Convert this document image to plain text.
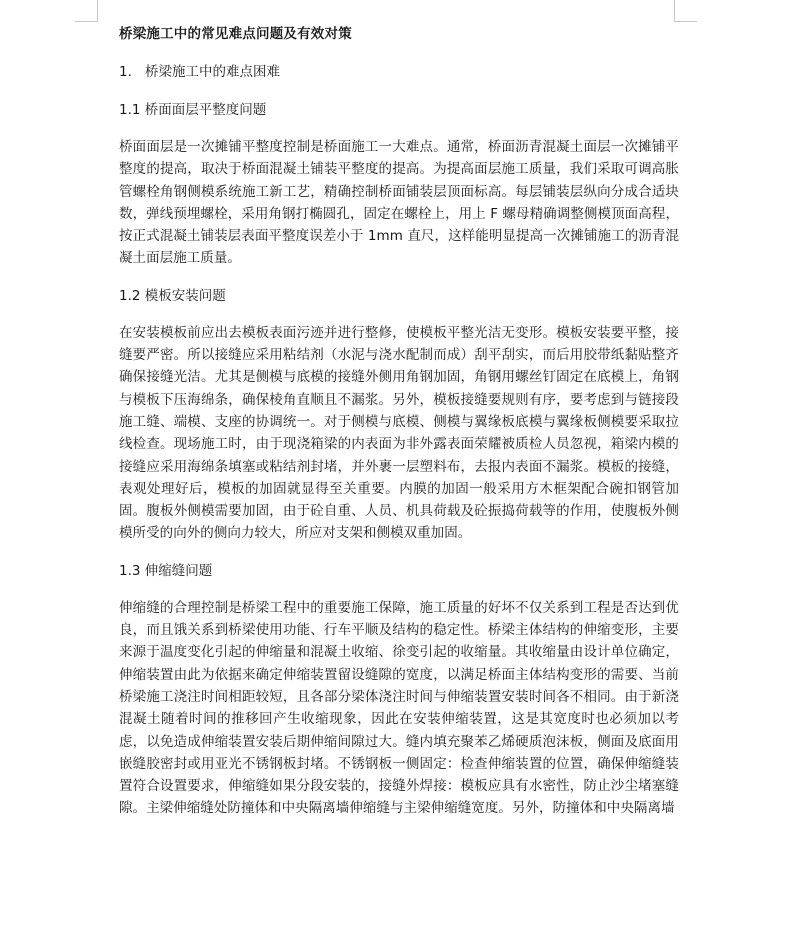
桥梁施工中的常见难点问题及有效对策
1. 桥梁施工中的难点困难
1.1 桥面面层平整度问题

桥面面层是一次摊铺平整度控制是桥面施工一大难点。通常，桥面沥青混凝土面层一次摊铺平整度的提高，取决于桥面混凝土铺装平整度的提高。为提高面层施工质量，我们采取可调高胀管螺栓角钢侧模系统施工新工艺，精确控制桥面铺装层顶面标高。每层铺装层纵向分成合适块数，弹线预埋螺栓，采用角钢打椭圆孔，固定在螺栓上，用上 F 螺母精确调整侧模顶面高程，按正式混凝土铺装层表面平整度误差小于 1mm 直尺，这样能明显提高一次摊铺施工的沥青混凝土面层施工质量。

1.2 模板安装问题

在安装模板前应出去模板表面污迹并进行整修，使模板平整光洁无变形。模板安装要平整，接缝要严密。所以接缝应采用粘结剂（水泥与浇水配制而成）刮平刮实，而后用胶带纸黏贴整齐确保接缝光洁。尤其是侧模与底模的接缝外侧用角钢加固，角钢用螺丝钉固定在底模上，角钢与模板下压海绵条，确保棱角直顺且不漏浆。另外，模板接缝要规则有序，要考虑到与链接段施工缝、端模、支座的协调统一。对于侧模与底模、侧模与翼缘板底模与翼缘板侧模要采取拉线检查。现场施工时，由于现浇箱梁的内表面为非外露表面荣耀被质检人员忽视，箱梁内模的接缝应采用海绵条填塞或粘结剂封堵，并外裹一层塑料布，去报内表面不漏浆。模板的接缝，表观处理好后，模板的加固就显得至关重要。内膜的加固一般采用方木框架配合碗扣钢管加固。腹板外侧模需要加固，由于砼自重、人员、机具荷载及砼振捣荷载等的作用，使腹板外侧模所受的向外的侧向力较大，所应对支架和侧模双重加固。

1.3 伸缩缝问题

伸缩缝的合理控制是桥梁工程中的重要施工保障，施工质量的好坏不仅关系到工程是否达到优良，而且饿关系到桥梁使用功能、行车平顺及结构的稳定性。桥梁主体结构的伸缩变形，主要来源于温度变化引起的伸缩量和混凝土收缩、徐变引起的收缩量。其收缩量由设计单位确定，伸缩装置由此为依据来确定伸缩装置留设缝隙的宽度，以满足桥面主体结构变形的需要、当前桥梁施工浇注时间相距较短，且各部分梁体浇注时间与伸缩装置安装时间各不相同。由于新浇混凝土随着时间的推移回产生收缩现象，因此在安装伸缩装置，这是其宽度时也必须加以考虑，以免造成伸缩装置安装后期伸缩间隙过大。缝内填充聚苯乙烯硬质泡沫板，侧面及底面用嵌缝胶密封或用亚光不锈钢板封堵。不锈钢板一侧固定：检查伸缩装置的位置，确保伸缩缝装置符合设置要求，伸缩缝如果分段安装的，接缝外焊接：模板应具有水密性，防止沙尘堵塞缝隙。主梁伸缩缝处防撞体和中央隔离墙伸缩缝与主梁伸缩缝宽度。另外，防撞体和中央隔离墙
